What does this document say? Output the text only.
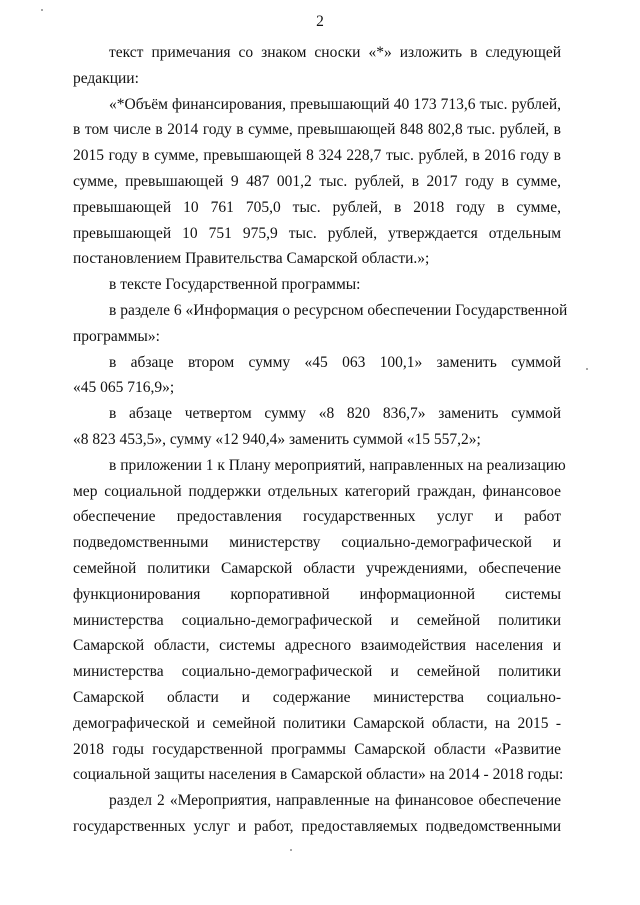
2
текст примечания со знаком сноски «*» изложить в следующей
редакции:
«*Объём финансирования, превышающий 40 173 713,6 тыс. рублей,
в том числе в 2014 году в сумме, превышающей 848 802,8 тыс. рублей, в
2015 году в сумме, превышающей 8 324 228,7 тыс. рублей, в 2016 году в
сумме, превышающей 9 487 001,2 тыс. рублей, в 2017 году в сумме,
превышающей 10 761 705,0 тыс. рублей, в 2018 году в сумме,
превышающей 10 751 975,9 тыс. рублей, утверждается отдельным
постановлением Правительства Самарской области.»;
в тексте Государственной программы:
в разделе 6 «Информация о ресурсном обеспечении Государственной
программы»:
в абзаце втором сумму «45 063 100,1» заменить суммой
«45 065 716,9»;
в абзаце четвертом сумму «8 820 836,7» заменить суммой
«8 823 453,5», сумму «12 940,4» заменить суммой «15 557,2»;
в приложении 1 к Плану мероприятий, направленных на реализацию
мер социальной поддержки отдельных категорий граждан, финансовое
обеспечение предоставления государственных услуг и работ
подведомственными министерству социально-демографической и
семейной политики Самарской области учреждениями, обеспечение
функционирования корпоративной информационной системы
министерства социально-демографической и семейной политики
Самарской области, системы адресного взаимодействия населения и
министерства социально-демографической и семейной политики
Самарской области и содержание министерства социально-
демографической и семейной политики Самарской области, на 2015 -
2018 годы государственной программы Самарской области «Развитие
социальной защиты населения в Самарской области» на 2014 - 2018 годы:
раздел 2 «Мероприятия, направленные на финансовое обеспечение
государственных услуг и работ, предоставляемых подведомственными
